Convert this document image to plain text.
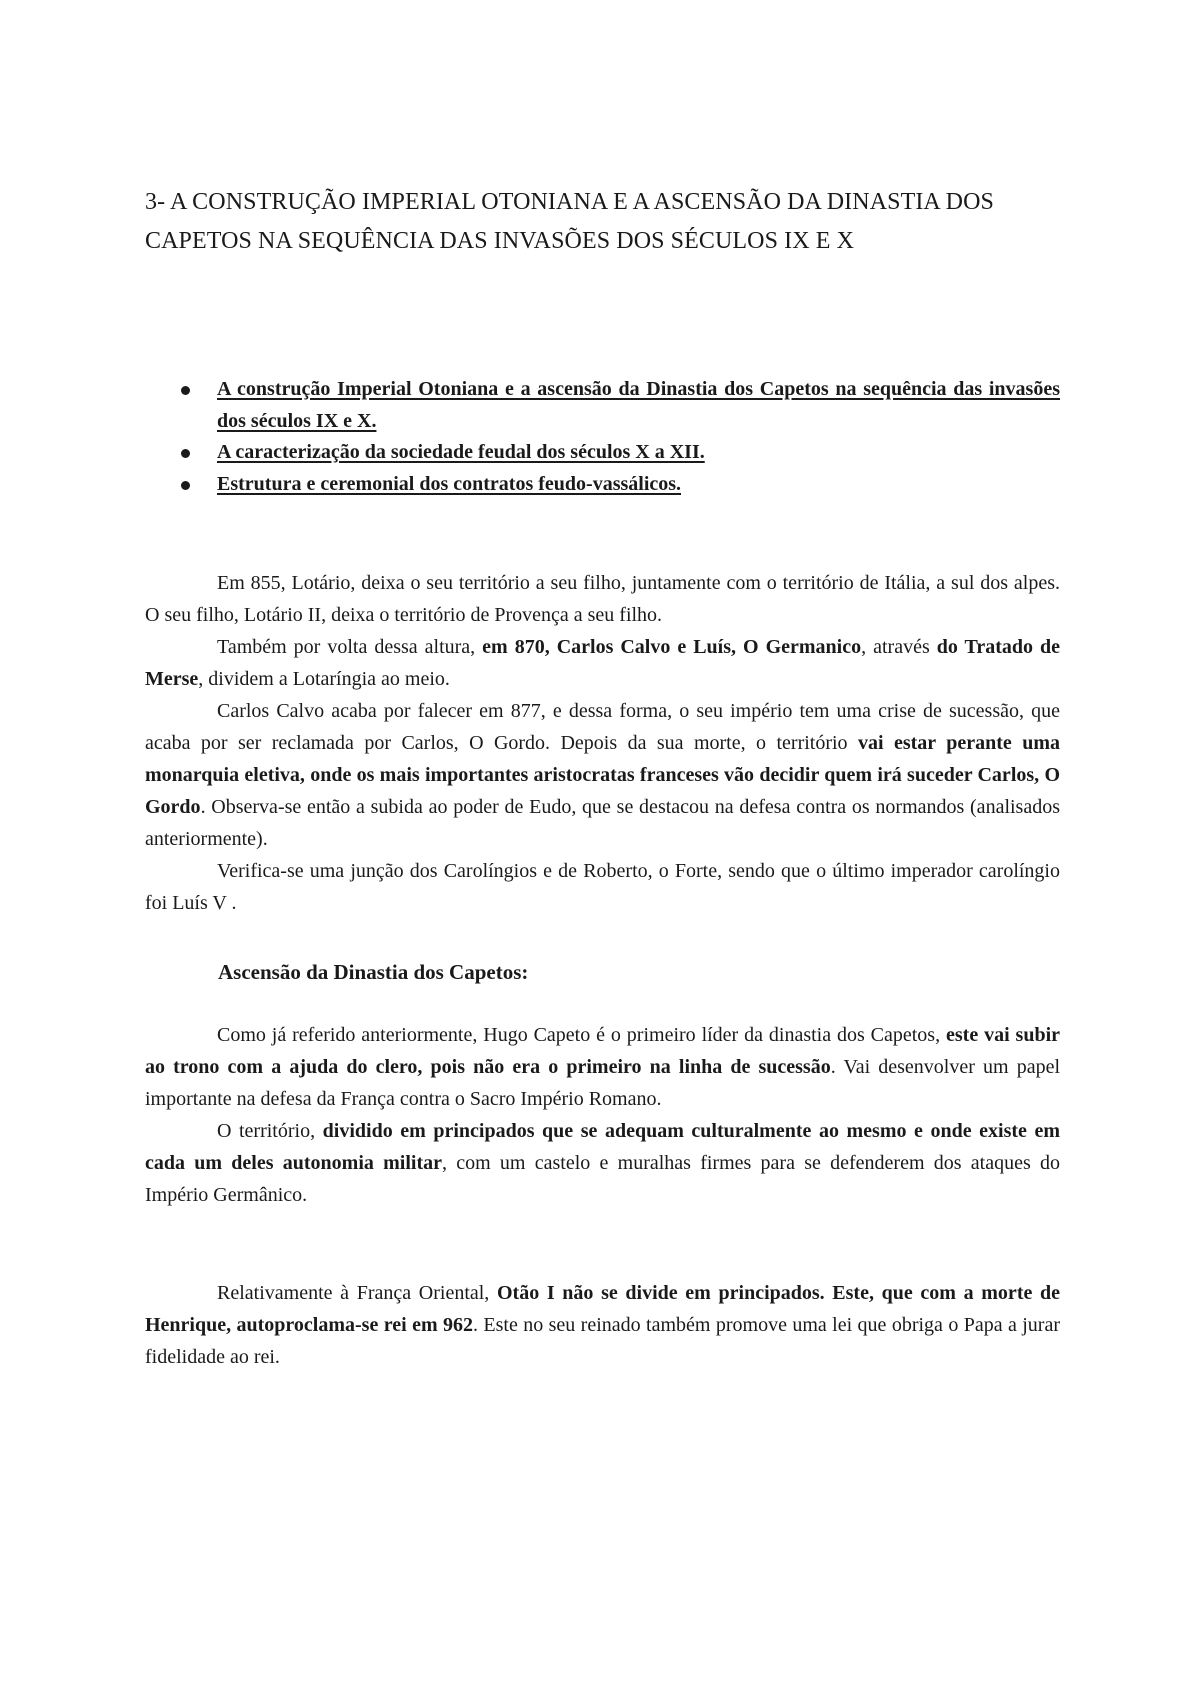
3- A CONSTRUÇÃO IMPERIAL OTONIANA E A ASCENSÃO DA DINASTIA DOS CAPETOS NA SEQUÊNCIA DAS INVASÕES DOS SÉCULOS IX E X
A construção Imperial Otoniana e a ascensão da Dinastia dos Capetos na sequência das invasões dos séculos IX e X.
A caracterização da sociedade feudal dos séculos X a XII.
Estrutura e ceremonial dos contratos feudo-vassálicos.

Em 855, Lotário, deixa o seu território a seu filho, juntamente com o território de Itália, a sul dos alpes. O seu filho, Lotário II, deixa o território de Provença a seu filho.

Também por volta dessa altura, em 870, Carlos Calvo e Luís, O Germanico, através do Tratado de Merse, dividem a Lotaríngia ao meio.

Carlos Calvo acaba por falecer em 877, e dessa forma, o seu império tem uma crise de sucessão, que acaba por ser reclamada por Carlos, O Gordo. Depois da sua morte, o território vai estar perante uma monarquia eletiva, onde os mais importantes aristocratas franceses vão decidir quem irá suceder Carlos, O Gordo. Observa-se então a subida ao poder de Eudo, que se destacou na defesa contra os normandos (analisados anteriormente).

Verifica-se uma junção dos Carolíngios e de Roberto, o Forte, sendo que o último imperador carolíngio foi Luís V .

Ascensão da Dinastia dos Capetos:

Como já referido anteriormente, Hugo Capeto é o primeiro líder da dinastia dos Capetos, este vai subir ao trono com a ajuda do clero, pois não era o primeiro na linha de sucessão. Vai desenvolver um papel importante na defesa da França contra o Sacro Império Romano.

O território, dividido em principados que se adequam culturalmente ao mesmo e onde existe em cada um deles autonomia militar, com um castelo e muralhas firmes para se defenderem dos ataques do Império Germânico.

Relativamente à França Oriental, Otão I não se divide em principados. Este, que com a morte de Henrique, autoproclama-se rei em 962. Este no seu reinado também promove uma lei que obriga o Papa a jurar fidelidade ao rei.
